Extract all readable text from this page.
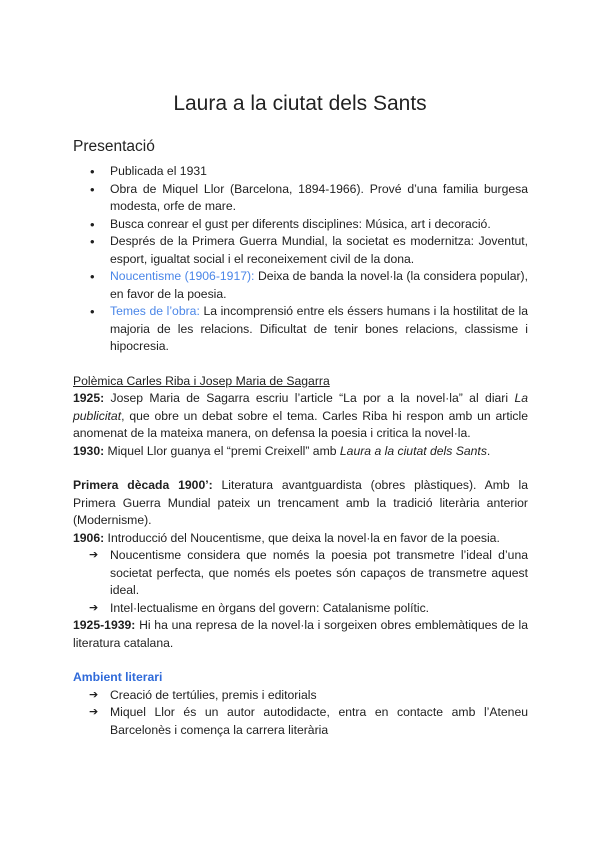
Laura a la ciutat dels Sants
Presentació
• Publicada el 1931
• Obra de Miquel Llor (Barcelona, 1894-1966). Prové d’una familia burgesa modesta, orfe de mare.
• Busca conrear el gust per diferents disciplines: Música, art i decoració.
• Després de la Primera Guerra Mundial, la societat es modernitza: Joventut, esport, igualtat social i el reconeixement civil de la dona.
• Noucentisme (1906-1917): Deixa de banda la novel·la (la considera popular), en favor de la poesia.
• Temes de l’obra: La incomprensió entre els éssers humans i la hostilitat de la majoria de les relacions. Dificultat de tenir bones relacions, classisme i hipocresia.

Polèmica Carles Riba i Josep Maria de Sagarra

1925: Josep Maria de Sagarra escriu l’article “La por a la novel·la” al diari La publicitat, que obre un debat sobre el tema. Carles Riba hi respon amb un article anomenat de la mateixa manera, on defensa la poesia i critica la novel·la.

1930: Miquel Llor guanya el “premi Creixell” amb Laura a la ciutat dels Sants.

Primera dècada 1900’: Literatura avantguardista (obres plàstiques). Amb la Primera Guerra Mundial pateix un trencament amb la tradició literària anterior (Modernisme).

1906: Introducció del Noucentisme, que deixa la novel·la en favor de la poesia.

➔ Noucentisme considera que només la poesia pot transmetre l’ideal d’una societat perfecta, que només els poetes són capaços de transmetre aquest ideal.
➔ Intel·lectualisme en òrgans del govern: Catalanisme polític.

1925-1939: Hi ha una represa de la novel·la i sorgeixen obres emblemàtiques de la literatura catalana.

Ambient literari

➔ Creació de tertúlies, premis i editorials
➔ Miquel Llor és un autor autodidacte, entra en contacte amb l’Ateneu Barcelonès i comença la carrera literària
